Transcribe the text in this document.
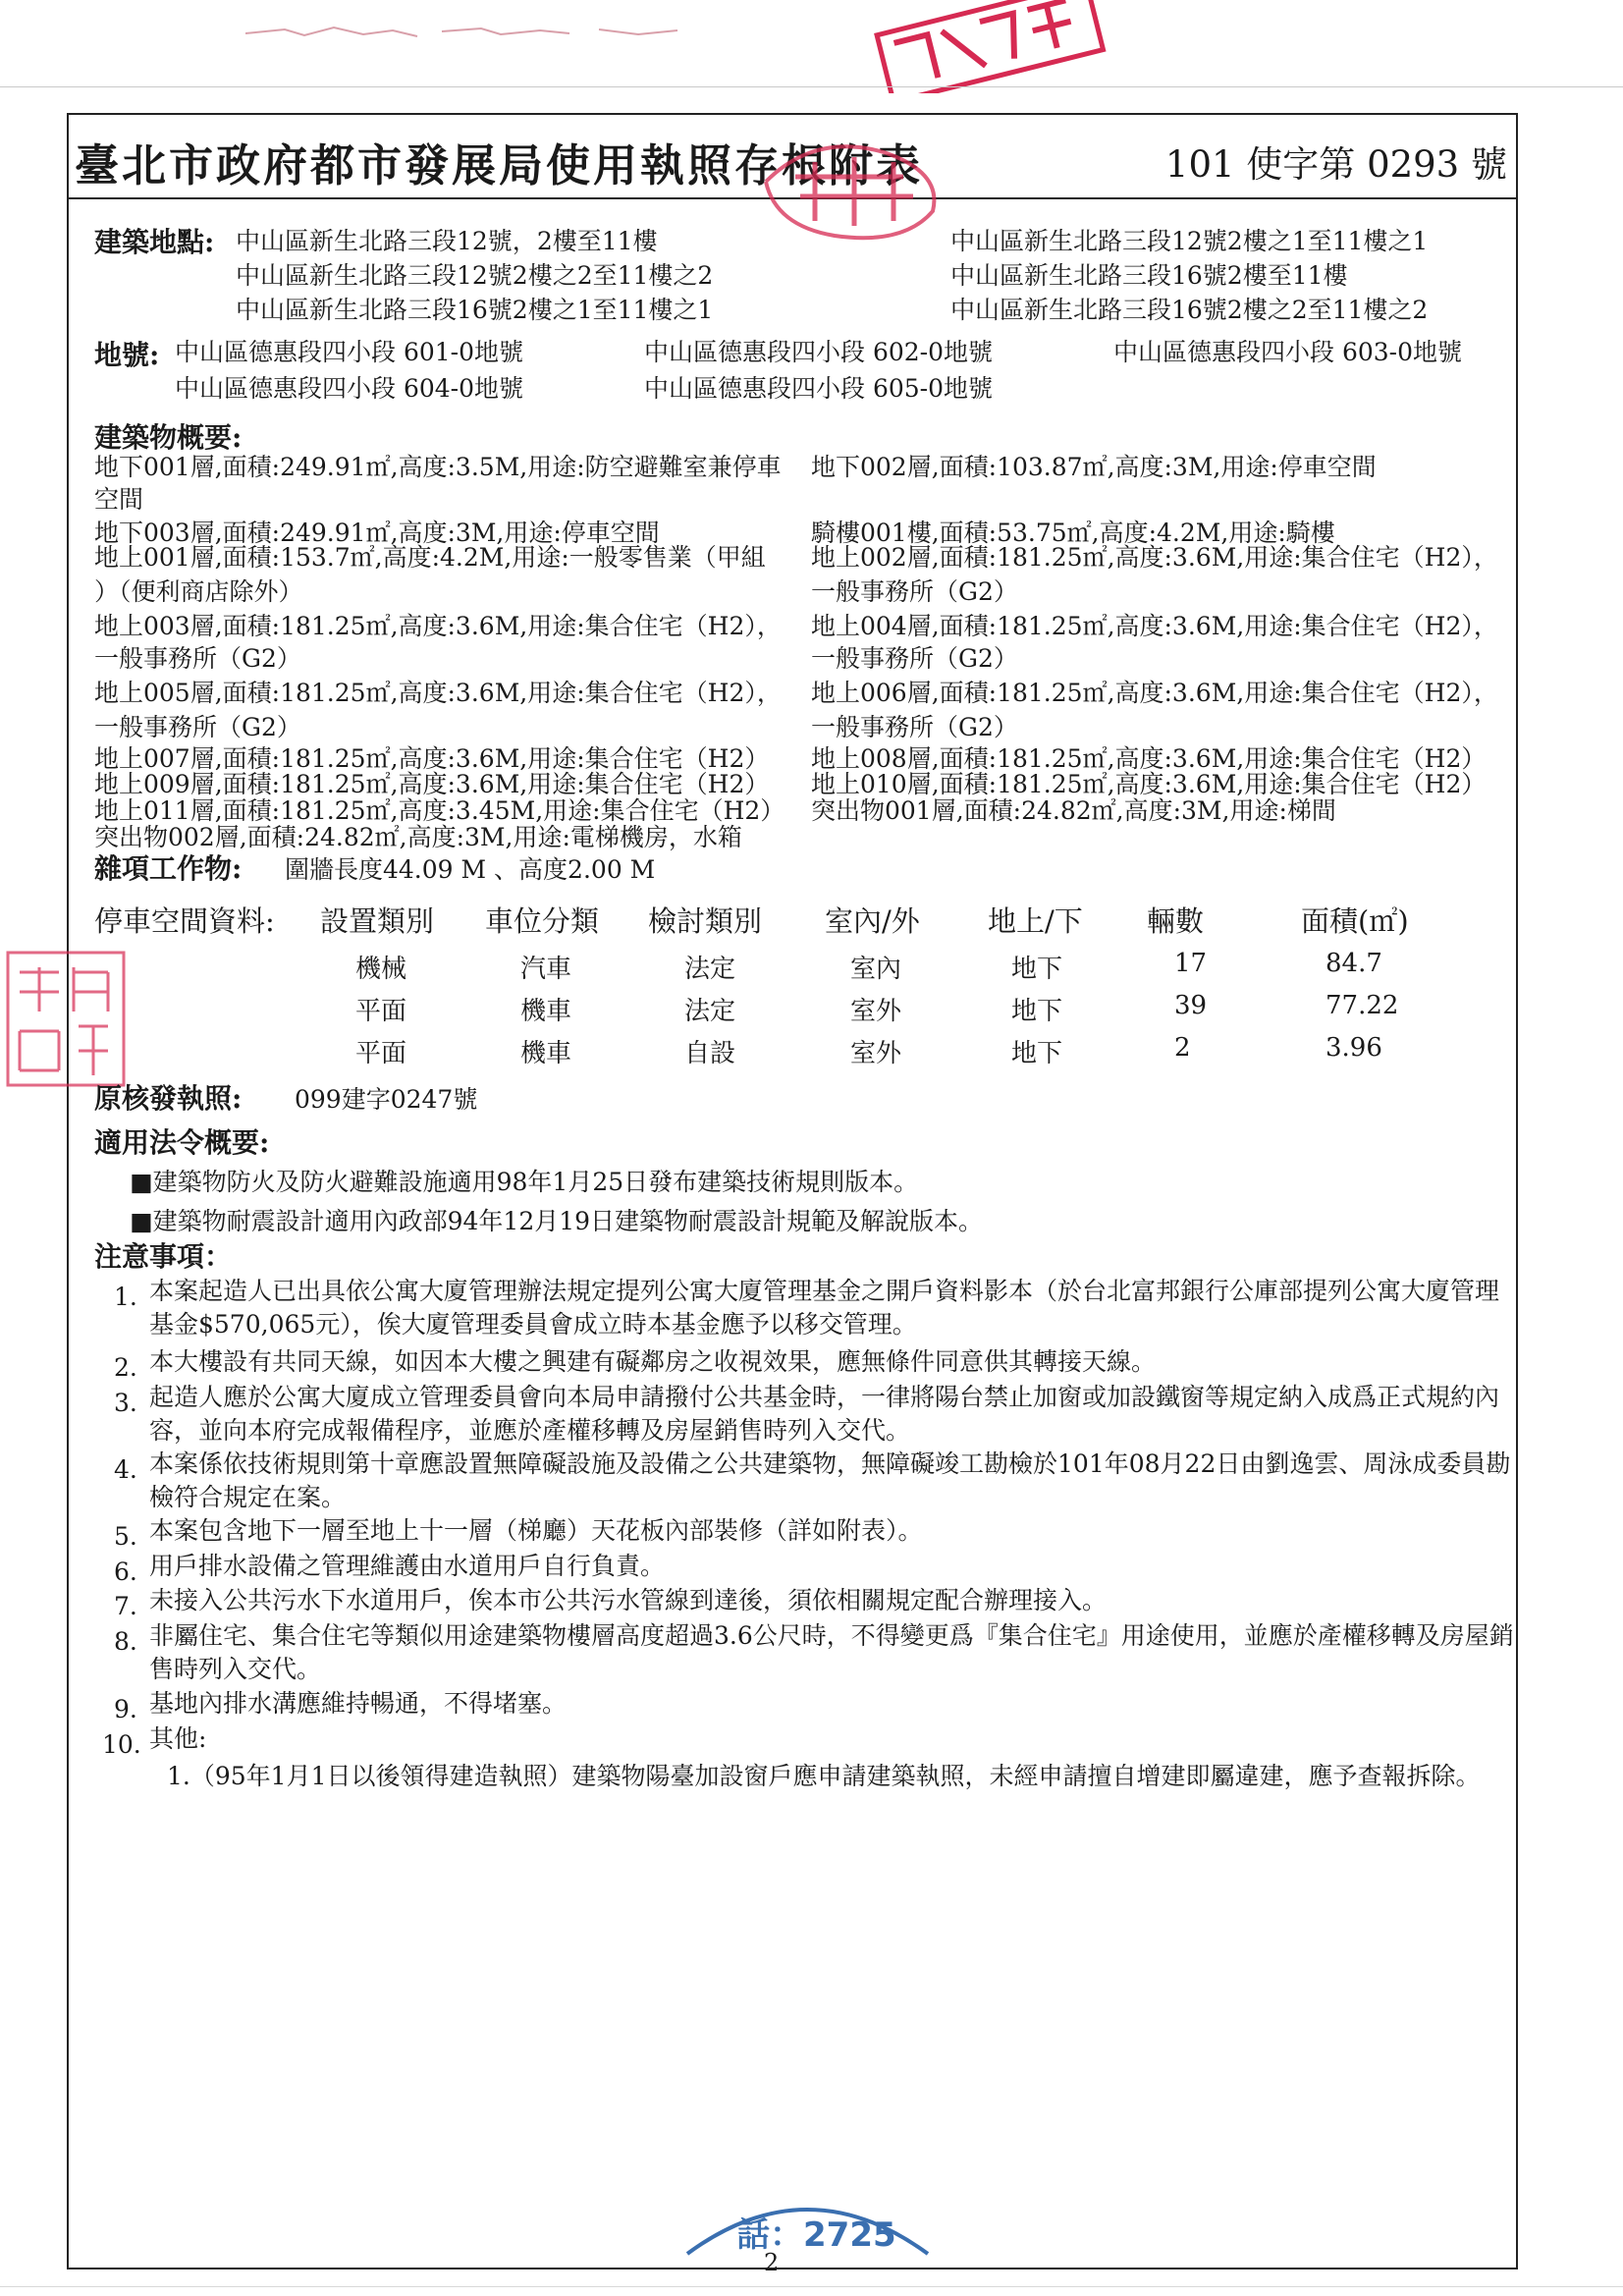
臺北市政府都市發展局使用執照存根附表	101 使字第 0293 號
建築地點: 中山區新生北路三段12號，2樓至11樓	中山區新生北路三段12號2樓之1至11樓之1
中山區新生北路三段12號2樓之2至11樓之2	中山區新生北路三段16號2樓至11樓
中山區新生北路三段16號2樓之1至11樓之1	中山區新生北路三段16號2樓之2至11樓之2
地號: 中山區德惠段四小段 601-0地號	中山區德惠段四小段 602-0地號	中山區德惠段四小段 603-0地號
中山區德惠段四小段 604-0地號	中山區德惠段四小段 605-0地號
建築物概要:
地下001層,面積:249.91㎡,高度:3.5M,用途:防空避難室兼停車 地下002層,面積:103.87㎡,高度:3M,用途:停車空間
空間
地下003層,面積:249.91㎡,高度:3M,用途:停車空間	騎樓001樓,面積:53.75㎡,高度:4.2M,用途:騎樓
地上001層,面積:153.7㎡,高度:4.2M,用途:一般零售業（甲組 地上002層,面積:181.25㎡,高度:3.6M,用途:集合住宅（H2），
）（便利商店除外）	一般事務所（G2）
地上003層,面積:181.25㎡,高度:3.6M,用途:集合住宅（H2）， 地上004層,面積:181.25㎡,高度:3.6M,用途:集合住宅（H2），
一般事務所（G2）	一般事務所（G2）
地上005層,面積:181.25㎡,高度:3.6M,用途:集合住宅（H2）， 地上006層,面積:181.25㎡,高度:3.6M,用途:集合住宅（H2），
一般事務所（G2）	一般事務所（G2）
地上007層,面積:181.25㎡,高度:3.6M,用途:集合住宅（H2） 地上008層,面積:181.25㎡,高度:3.6M,用途:集合住宅（H2）
地上009層,面積:181.25㎡,高度:3.6M,用途:集合住宅（H2） 地上010層,面積:181.25㎡,高度:3.6M,用途:集合住宅（H2）
地上011層,面積:181.25㎡,高度:3.45M,用途:集合住宅（H2） 突出物001層,面積:24.82㎡,高度:3M,用途:梯間
突出物002層,面積:24.82㎡,高度:3M,用途:電梯機房，水箱
雜項工作物: 圍牆長度44.09 M 、高度2.00 M
停車空間資料: 設置類別 車位分類 檢討類別 室內/外 地上/下 輛數	面積(㎡)
機械	汽車	法定	室內	地下	17	84.7
平面	機車	法定	室外	地下	39	77.22
平面	機車	自設	室外	地下	2	3.96
原核發執照: 099建字0247號
適用法令概要:
■建築物防火及防火避難設施適用98年1月25日發布建築技術規則版本。
■建築物耐震設計適用內政部94年12月19日建築物耐震設計規範及解說版本。
注意事項：
1. 本案起造人已出具依公寓大廈管理辦法規定提列公寓大廈管理基金之開戶資料影本（於台北富邦銀行公庫部提列公寓大廈管理基金$570,065元），俟大廈管理委員會成立時本基金應予以移交管理。
2. 本大樓設有共同天線，如因本大樓之興建有礙鄰房之收視效果，應無條件同意供其轉接天線。
3. 起造人應於公寓大廈成立管理委員會向本局申請撥付公共基金時，一律將陽台禁止加窗或加設鐵窗等規定納入成爲正式規約內容，並向本府完成報備程序，並應於產權移轉及房屋銷售時列入交代。
4. 本案係依技術規則第十章應設置無障礙設施及設備之公共建築物，無障礙竣工勘檢於101年08月22日由劉逸雲、周泳成委員勘檢符合規定在案。
5. 本案包含地下一層至地上十一層（梯廳）天花板內部裝修（詳如附表）。
6. 用戶排水設備之管理維護由水道用戶自行負責。
7. 未接入公共污水下水道用戶，俟本市公共污水管線到達後，須依相關規定配合辦理接入。
8. 非屬住宅、集合住宅等類似用途建築物樓層高度超過3.6公尺時，不得變更爲『集合住宅』用途使用，並應於產權移轉及房屋銷售時列入交代。
9. 基地內排水溝應維持暢通，不得堵塞。
10. 其他:
1.（95年1月1日以後領得建造執照）建築物陽臺加設窗戶應申請建築執照，未經申請擅自增建即屬違建，應予查報拆除。
話：2725
2
